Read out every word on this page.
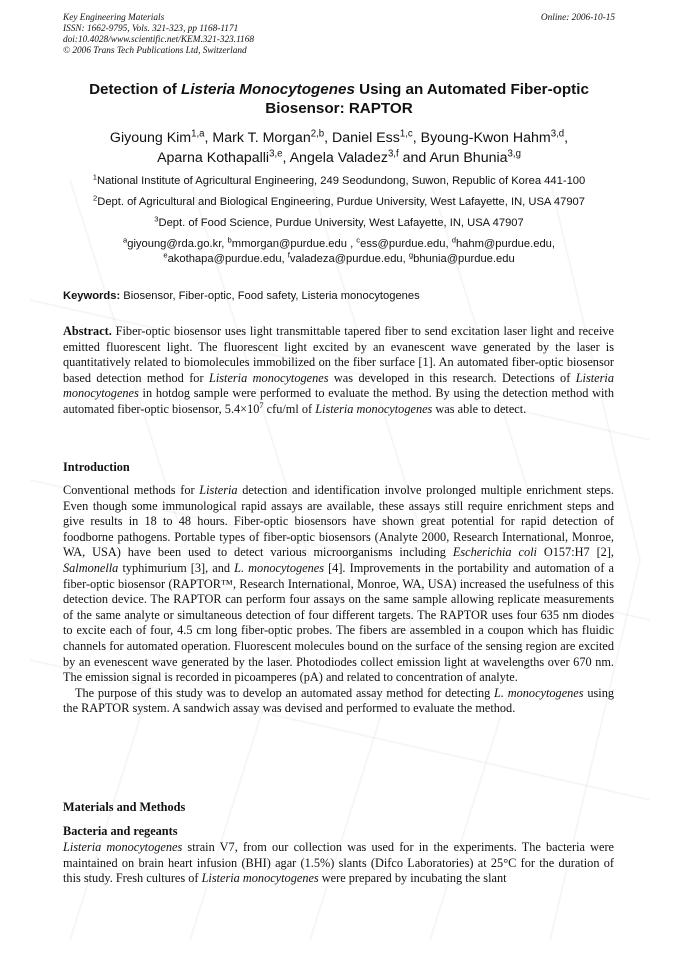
Key Engineering Materials
ISSN: 1662-9795, Vols. 321-323, pp 1168-1171
doi:10.4028/www.scientific.net/KEM.321-323.1168
© 2006 Trans Tech Publications Ltd, Switzerland
Online: 2006-10-15
Detection of Listeria Monocytogenes Using an Automated Fiber-optic Biosensor: RAPTOR
Giyoung Kim$^{1,a}$, Mark T. Morgan$^{2,b}$, Daniel Ess$^{1,c}$, Byoung-Kwon Hahm$^{3,d}$,
Aparna Kothapalli$^{3,e}$, Angela Valadez$^{3,f}$ and Arun Bhunia$^{3,g}$
$^1$National Institute of Agricultural Engineering, 249 Seodundong, Suwon, Republic of Korea 441-100
$^2$Dept. of Agricultural and Biological Engineering, Purdue University, West Lafayette, IN, USA 47907
$^3$Dept. of Food Science, Purdue University, West Lafayette, IN, USA 47907
$^a$giyoung@rda.go.kr, $^b$mmorgan@purdue.edu , $^c$ess@purdue.edu, $^d$hahm@purdue.edu,
$^e$akothapa@purdue.edu, $^f$valadeza@purdue.edu, $^g$bhunia@purdue.edu
Keywords: Biosensor, Fiber-optic, Food safety, Listeria monocytogenes

Abstract. Fiber-optic biosensor uses light transmittable tapered fiber to send excitation laser light and receive emitted fluorescent light. The fluorescent light excited by an evanescent wave generated by the laser is quantitatively related to biomolecules immobilized on the fiber surface [1]. An automated fiber-optic biosensor based detection method for Listeria monocytogenes was developed in this research. Detections of Listeria monocytogenes in hotdog sample were performed to evaluate the method. By using the detection method with automated fiber-optic biosensor, $5.4\times 10^7$ cfu/ml of Listeria monocytogenes was able to detect.

Introduction

Conventional methods for Listeria detection and identification involve prolonged multiple enrichment steps. Even though some immunological rapid assays are available, these assays still require enrichment steps and give results in 18 to 48 hours. Fiber-optic biosensors have shown great potential for rapid detection of foodborne pathogens. Portable types of fiber-optic biosensors (Analyte 2000, Research International, Monroe, WA, USA) have been used to detect various microorganisms including Escherichia coli O157:H7 [2], Salmonella typhimurium [3], and L. monocytogenes [4]. Improvements in the portability and automation of a fiber-optic biosensor (RAPTOR™, Research International, Monroe, WA, USA) increased the usefulness of this detection device. The RAPTOR can perform four assays on the same sample allowing replicate measurements of the same analyte or simultaneous detection of four different targets. The RAPTOR uses four 635 nm diodes to excite each of four, 4.5 cm long fiber-optic probes. The fibers are assembled in a coupon which has fluidic channels for automated operation. Fluorescent molecules bound on the surface of the sensing region are excited by an evenescent wave generated by the laser. Photodiodes collect emission light at wavelengths over 670 nm. The emission signal is recorded in picoamperes (pA) and related to concentration of analyte.

The purpose of this study was to develop an automated assay method for detecting L. monocytogenes using the RAPTOR system. A sandwich assay was devised and performed to evaluate the method.

Materials and Methods
Bacteria and regeants

Listeria monocytogenes strain V7, from our collection was used for in the experiments. The bacteria were maintained on brain heart infusion (BHI) agar (1.5%) slants (Difco Laboratories) at 25°C for the duration of this study. Fresh cultures of Listeria monocytogenes were prepared by incubating the slant
